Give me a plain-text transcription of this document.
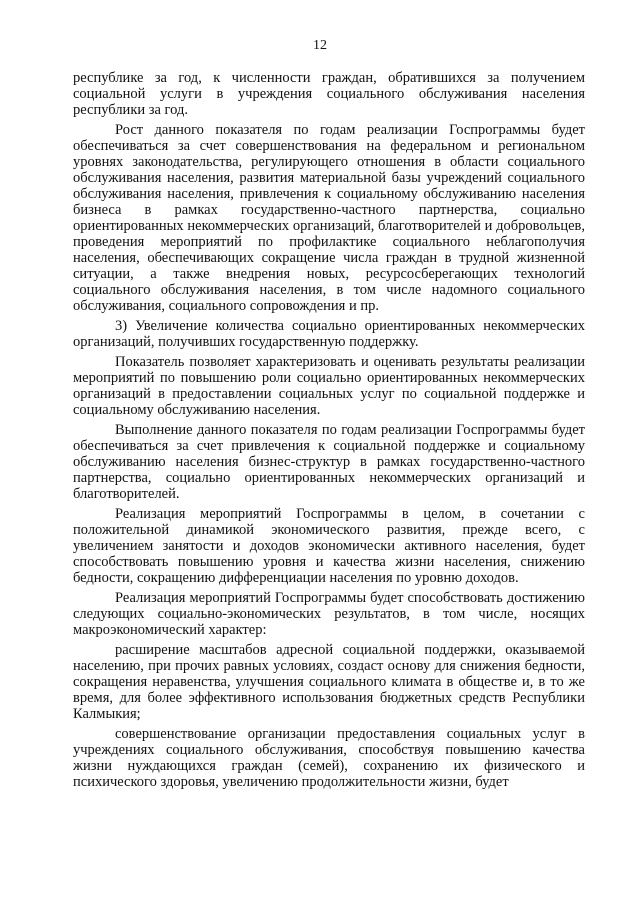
12

республике за год, к численности граждан, обратившихся за получением социальной услуги в учреждения социального обслуживания населения республики за год.

Рост данного показателя по годам реализации Госпрограммы будет обеспечиваться за счет совершенствования на федеральном и региональном уровнях законодательства, регулирующего отношения в области социального обслуживания населения, развития материальной базы учреждений социального обслуживания населения, привлечения к социальному обслуживанию населения бизнеса в рамках государственно-частного партнерства, социально ориентированных некоммерческих организаций, благотворителей и добровольцев, проведения мероприятий по профилактике социального неблагополучия населения, обеспечивающих сокращение числа граждан в трудной жизненной ситуации, а также внедрения новых, ресурсосберегающих технологий социального обслуживания населения, в том числе надомного социального обслуживания, социального сопровождения и пр.

3) Увеличение количества социально ориентированных некоммерческих организаций, получивших государственную поддержку.

Показатель позволяет характеризовать и оценивать результаты реализации мероприятий по повышению роли социально ориентированных некоммерческих организаций в предоставлении социальных услуг по социальной поддержке и социальному обслуживанию населения.

Выполнение данного показателя по годам реализации Госпрограммы будет обеспечиваться за счет привлечения к социальной поддержке и социальному обслуживанию населения бизнес-структур в рамках государственно-частного партнерства, социально ориентированных некоммерческих организаций и благотворителей.

Реализация мероприятий Госпрограммы в целом, в сочетании с положительной динамикой экономического развития, прежде всего, с увеличением занятости и доходов экономически активного населения, будет способствовать повышению уровня и качества жизни населения, снижению бедности, сокращению дифференциации населения по уровню доходов.

Реализация мероприятий Госпрограммы будет способствовать достижению следующих социально-экономических результатов, в том числе, носящих макроэкономический характер:

расширение масштабов адресной социальной поддержки, оказываемой населению, при прочих равных условиях, создаст основу для снижения бедности, сокращения неравенства, улучшения социального климата в обществе и, в то же время, для более эффективного использования бюджетных средств Республики Калмыкия;

совершенствование организации предоставления социальных услуг в учреждениях социального обслуживания, способствуя повышению качества жизни нуждающихся граждан (семей), сохранению их физического и психического здоровья, увеличению продолжительности жизни, будет
